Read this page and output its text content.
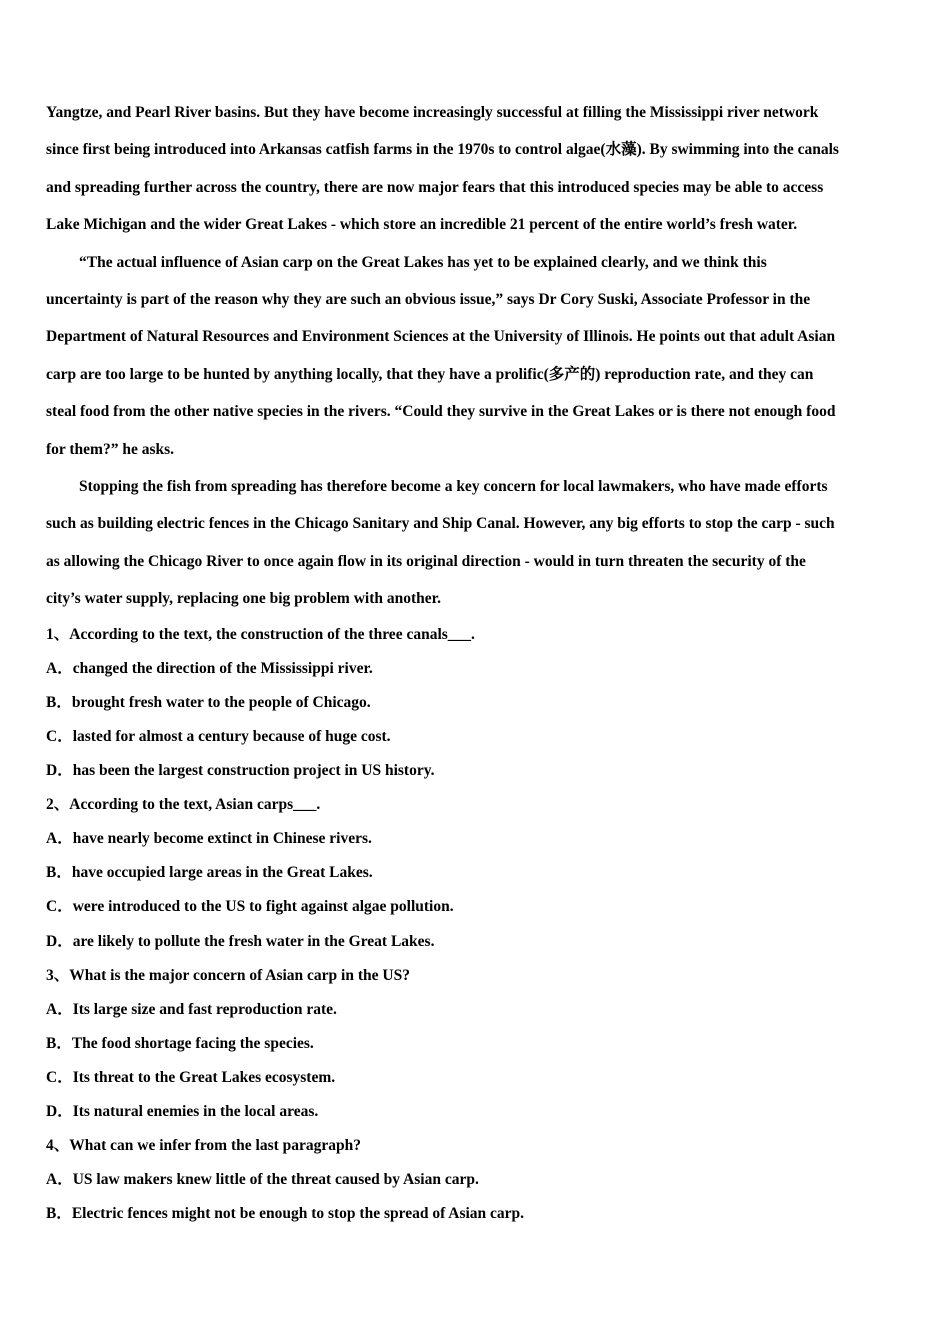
Yangtze, and Pearl River basins. But they have become increasingly successful at filling the Mississippi river network
since first being introduced into Arkansas catfish farms in the 1970s to control algae(水藻). By swimming into the canals
and spreading further across the country, there are now major fears that this introduced species may be able to access
Lake Michigan and the wider Great Lakes - which store an incredible 21 percent of the entire world’s fresh water.
“The actual influence of Asian carp on the Great Lakes has yet to be explained clearly, and we think this
uncertainty is part of the reason why they are such an obvious issue,” says Dr Cory Suski, Associate Professor in the
Department of Natural Resources and Environment Sciences at the University of Illinois. He points out that adult Asian
carp are too large to be hunted by anything locally, that they have a prolific(多产的) reproduction rate, and they can
steal food from the other native species in the rivers. “Could they survive in the Great Lakes or is there not enough food
for them?” he asks.
Stopping the fish from spreading has therefore become a key concern for local lawmakers, who have made efforts
such as building electric fences in the Chicago Sanitary and Ship Canal. However, any big efforts to stop the carp - such
as allowing the Chicago River to once again flow in its original direction - would in turn threaten the security of the
city’s water supply, replacing one big problem with another.
1、According to the text, the construction of the three canals___.
A．changed the direction of the Mississippi river.
B．brought fresh water to the people of Chicago.
C．lasted for almost a century because of huge cost.
D．has been the largest construction project in US history.
2、According to the text, Asian carps___.
A．have nearly become extinct in Chinese rivers.
B．have occupied large areas in the Great Lakes.
C．were introduced to the US to fight against algae pollution.
D．are likely to pollute the fresh water in the Great Lakes.
3、What is the major concern of Asian carp in the US?
A．Its large size and fast reproduction rate.
B．The food shortage facing the species.
C．Its threat to the Great Lakes ecosystem.
D．Its natural enemies in the local areas.
4、What can we infer from the last paragraph?
A．US law makers knew little of the threat caused by Asian carp.
B．Electric fences might not be enough to stop the spread of Asian carp.
